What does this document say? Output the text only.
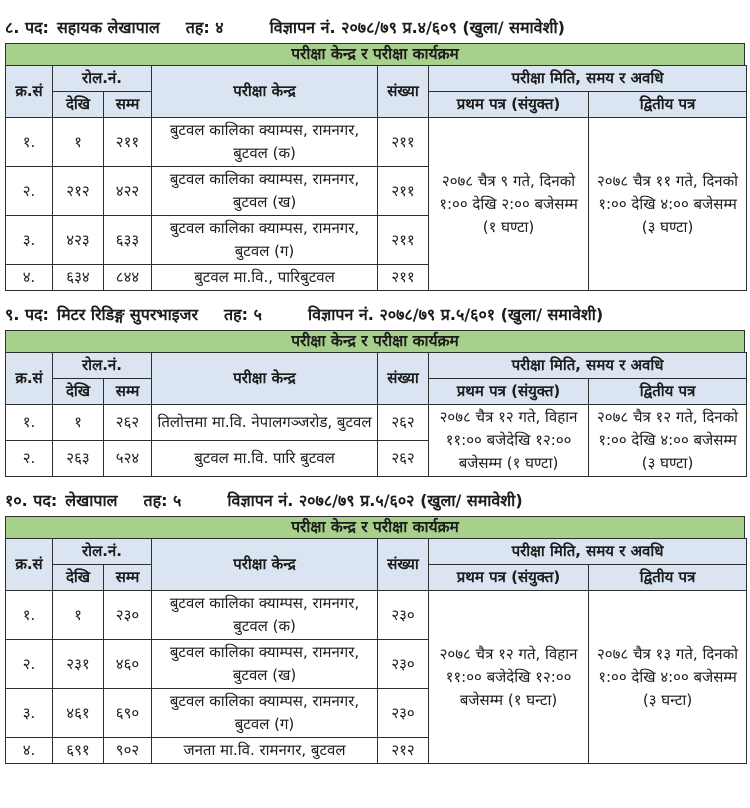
८. पद: सहायक लेखापाल तह: ४	विज्ञापन नं. २०७८/७९ प्र.४/६०९ (खुला/ समावेशी)
परीक्षा केन्द्र र परीक्षा कार्यक्रम
क्र.सं	रोल.नं.		परीक्षा केन्द्र	संख्या	परीक्षा मिति, समय र अवधि	
	देखि	सम्म			प्रथम पत्र (संयुक्त)	द्वितीय पत्र
१.	१	२११	बुटवल कालिका क्याम्पस, रामनगर, बुटवल (क)	२११	२०७८ चैत्र ९ गते, दिनको १:०० देखि २:०० बजेसम्म (१ घण्टा)	२०७८ चैत्र ११ गते, दिनको १:०० देखि ४:०० बजेसम्म (३ घण्टा)
२.	२१२	४२२	बुटवल कालिका क्याम्पस, रामनगर, बुटवल (ख)	२११		
३.	४२३	६३३	बुटवल कालिका क्याम्पस, रामनगर, बुटवल (ग)	२११		
४.	६३४	८४४	बुटवल मा.वि., पारिबुटवल	२११		
९. पद: मिटर रिडिङ्ग सुपरभाइजर तह: ५	विज्ञापन नं. २०७८/७९ प्र.५/६०१ (खुला/ समावेशी)
परीक्षा केन्द्र र परीक्षा कार्यक्रम
क्र.सं	रोल.नं.		परीक्षा केन्द्र	संख्या	परीक्षा मिति, समय र अवधि	
	देखि	सम्म			प्रथम पत्र (संयुक्त)	द्वितीय पत्र
१.	१	२६२	तिलोत्तमा मा.वि. नेपालगञ्जरोड, बुटवल	२६२	२०७८ चैत्र १२ गते, विहान ११:०० बजेदेखि १२:०० बजेसम्म (१ घण्टा)	२०७८ चैत्र १२ गते, दिनको १:०० देखि ४:०० बजेसम्म (३ घण्टा)
२.	२६३	५२४	बुटवल मा.वि. पारि बुटवल	२६२		
१०. पद: लेखापाल तह: ५	विज्ञापन नं. २०७८/७९ प्र.५/६०२ (खुला/ समावेशी)
परीक्षा केन्द्र र परीक्षा कार्यक्रम
क्र.सं	रोल.नं.		परीक्षा केन्द्र	संख्या	परीक्षा मिति, समय र अवधि	
	देखि	सम्म			प्रथम पत्र (संयुक्त)	द्वितीय पत्र
१.	१	२३०	बुटवल कालिका क्याम्पस, रामनगर, बुटवल (क)	२३०	२०७८ चैत्र १२ गते, विहान ११:०० बजेदेखि १२:०० बजेसम्म (१ घन्टा)	२०७८ चैत्र १३ गते, दिनको १:०० देखि ४:०० बजेसम्म (३ घन्टा)
२.	२३१	४६०	बुटवल कालिका क्याम्पस, रामनगर, बुटवल (ख)	२३०		
३.	४६१	६९०	बुटवल कालिका क्याम्पस, रामनगर, बुटवल (ग)	२३०		
४.	६९१	९०२	जनता मा.वि. रामनगर, बुटवल	२१२		
